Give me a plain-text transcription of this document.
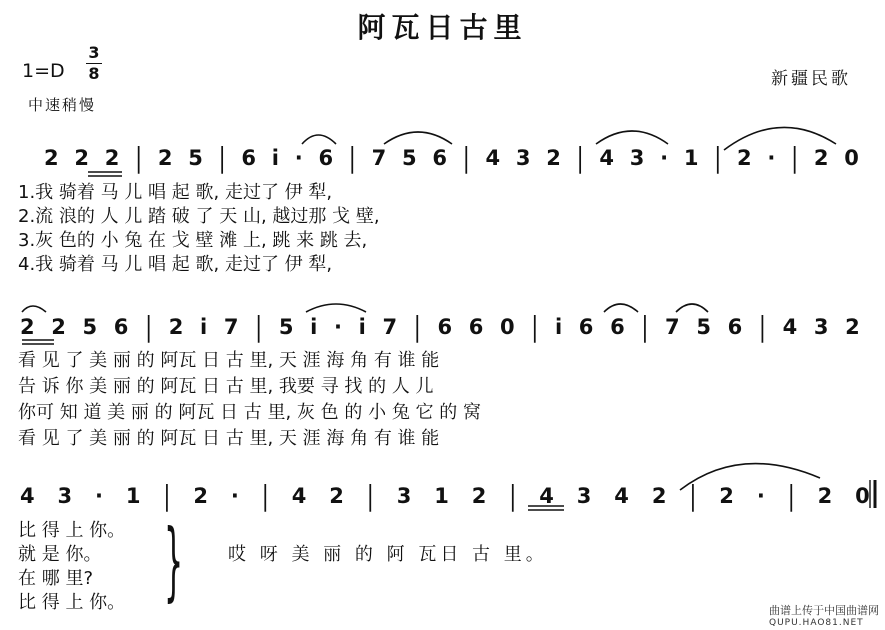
阿瓦日古里
1=D
3
8
中速稍慢
新疆民歌
2 2 2 | 2 5 | 6 i · 6 | 7 5 6 | 4 3 2 | 4 3 · 1 | 2 · | 2 0
1.我 骑着 马 儿 唱 起 歌, 走过了 伊 犁,
2.流 浪的 人 儿 踏 破 了 天 山, 越过那 戈 壁,
3.灰 色的 小 兔 在 戈 壁 滩 上, 跳 来 跳 去,
4.我 骑着 马 儿 唱 起 歌, 走过了 伊 犁,
2 2 5 6 | 2 i 7 | 5 i · i 7 | 6 6 0 | i 6 6 | 7 5 6 | 4 3 2
看 见 了 美 丽 的 阿瓦 日 古 里, 天 涯 海 角 有 谁 能
告 诉 你 美 丽 的 阿瓦 日 古 里, 我要 寻 找 的 人 儿
你可 知 道 美 丽 的 阿瓦 日 古 里, 灰 色 的 小 兔 它 的 窝
看 见 了 美 丽 的 阿瓦 日 古 里, 天 涯 海 角 有 谁 能
4 3 · 1 | 2 · | 4 2 | 3 1 2 | 4 3 4 2 | 2 · | 2 0
比 得 上 你。
就 是 你。
在 哪 里?
比 得 上 你。 } 哎 呀 美 丽 的 阿 瓦日 古 里。
曲谱上传于中国曲谱网
QUPU.HAO81.NET
